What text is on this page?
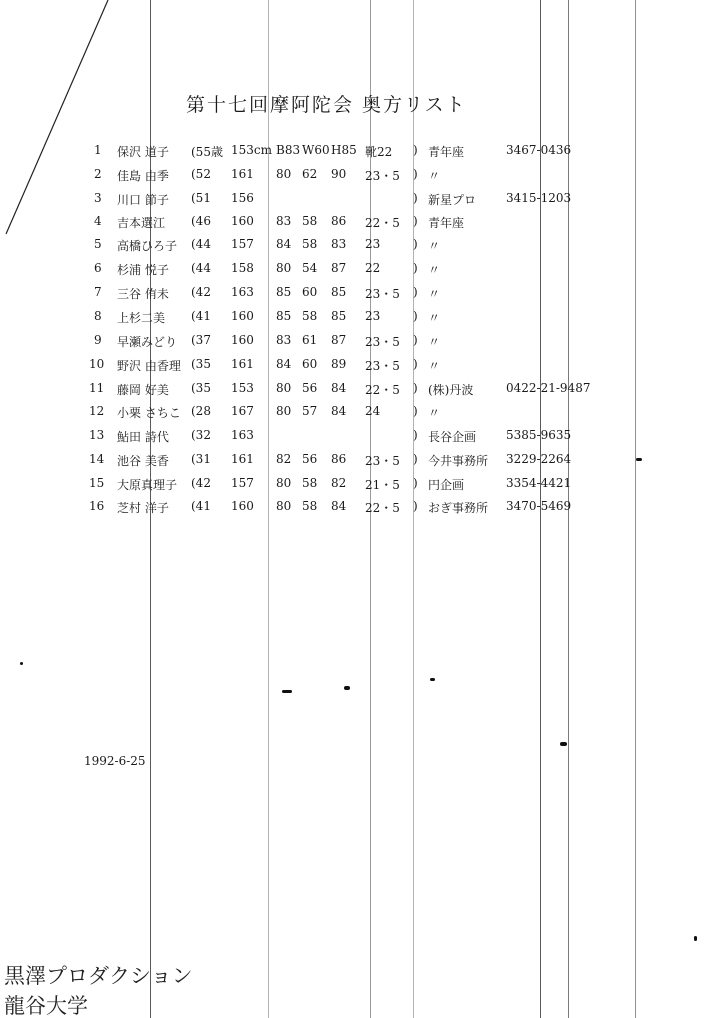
第十七回摩阿陀会 奥方リスト
1 保沢 道子 (55歳 153cm B83 W60 H85 靴22 ) 青年座	3467-0436
2 佳島 由季 (52 161 80 62 90 23・5 ) 〃
3 川口 節子 (51 156	) 新星プロ 3415-1203
4 吉本選江 (46 160 83 58 86 22・5 ) 青年座
5 高橋ひろ子 (44 157 84 58 83 23	) 〃
6 杉浦 悦子 (44 158 80 54 87 22	) 〃
7 三谷 侑未 (42 163 85 60 85 23・5 ) 〃
8 上杉二美 (41 160 85 58 85 23	) 〃
9 早瀬みどり (37 160 83 61 87 23・5 ) 〃
10 野沢 由香理 (35 161 84 60 89 23・5 ) 〃
11 藤岡 好美 (35 153 80 56 84 22・5 ) (株)丹波	0422-21-9487
12 小栗 さちこ (28 167 80 57 84 24	) 〃
13 鮎田 詩代 (32 163	) 長谷企画 5385-9635
14 池谷 美香 (31 161 82 56 86 23・5 ) 今井事務所 3229-2264
15 大原真理子 (42 157 80 58 82 21・5 ) 円企画	3354-4421
16 芝村 洋子 (41 160 80 58 84 22・5 ) おぎ事務所 3470-5469
1992-6-25
黒澤プロダクション
龍谷大学
